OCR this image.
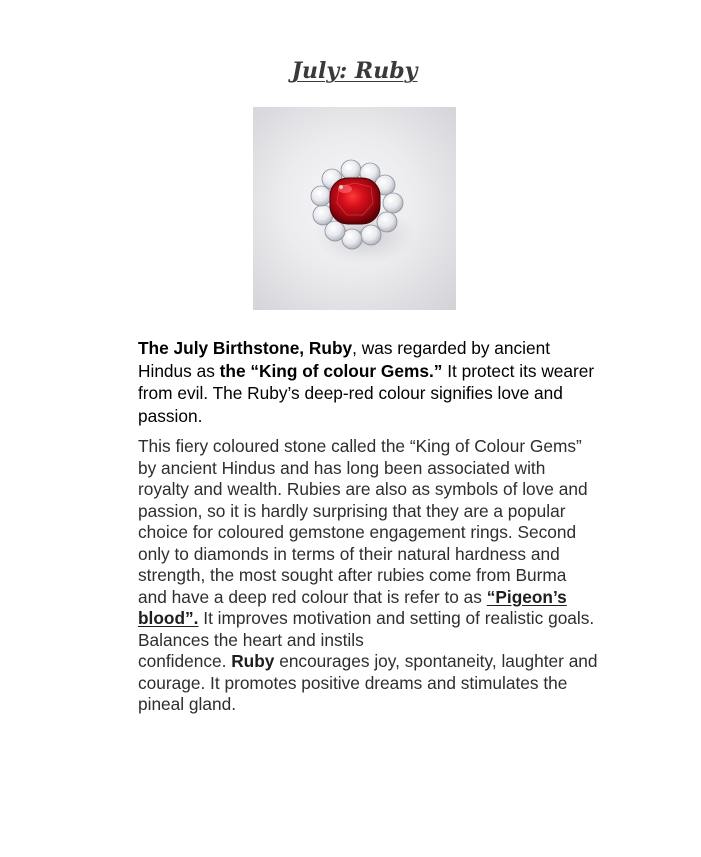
July: Ruby

The July Birthstone, Ruby, was regarded by ancient Hindus as the “King of colour Gems.” It protect its wearer from evil. The Ruby’s deep-red colour signifies love and passion.

This fiery coloured stone called the “King of Colour Gems” by ancient Hindus and has long been associated with royalty and wealth. Rubies are also as symbols of love and passion, so it is hardly surprising that they are a popular choice for coloured gemstone engagement rings. Second only to diamonds in terms of their natural hardness and strength, the most sought after rubies come from Burma and have a deep red colour that is refer to as “Pigeon’s blood”. It improves motivation and setting of realistic goals. Balances the heart and instils
confidence. Ruby encourages joy, spontaneity, laughter and courage. It promotes positive dreams and stimulates the pineal gland.
